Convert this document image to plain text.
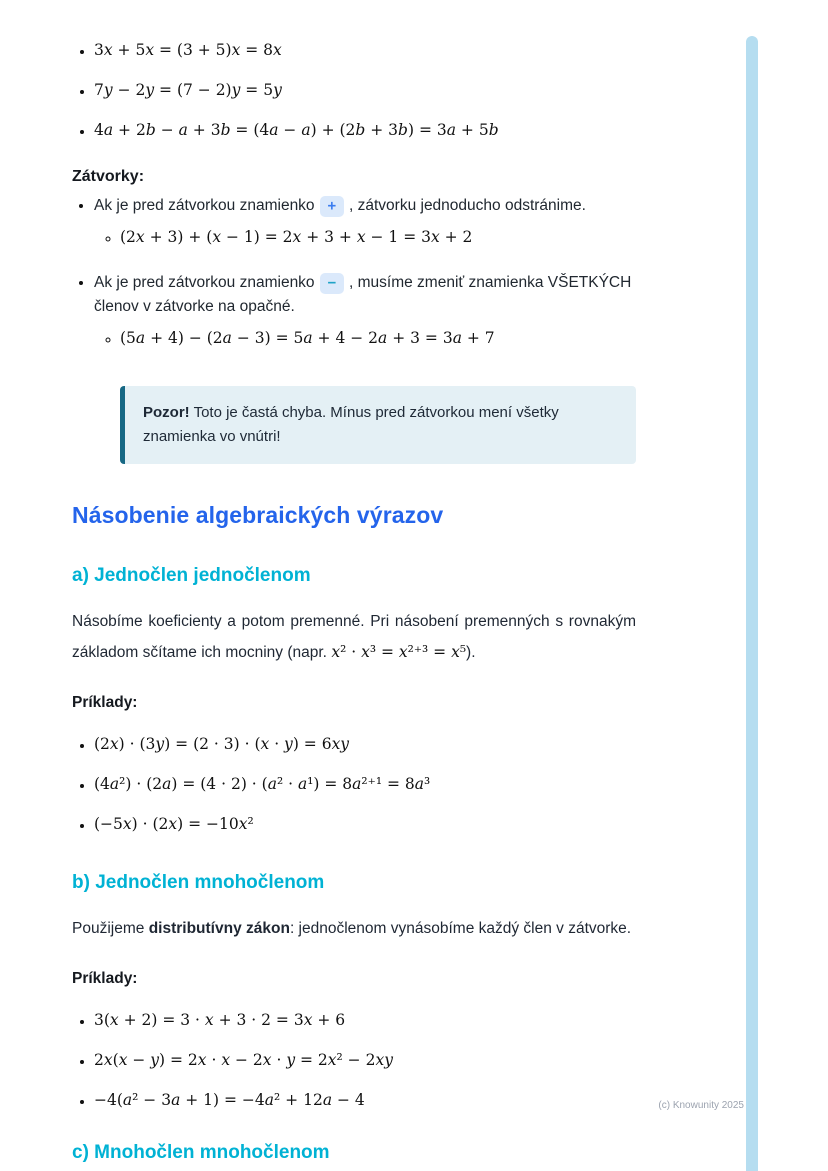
• 3x + 5x = (3 + 5)x = 8x
• 7y − 2y = (7 − 2)y = 5y
• 4a + 2b − a + 3b = (4a − a) + (2b + 3b) = 3a + 5b
Zátvorky:
• Ak je pred zátvorkou znamienko + , zátvorku jednoducho odstránime.
◦ (2x + 3) + (x − 1) = 2x + 3 + x − 1 = 3x + 2
• Ak je pred zátvorkou znamienko − , musíme zmeniť znamienka VŠETKÝCH členov v zátvorke na opačné.
◦ (5a + 4) − (2a − 3) = 5a + 4 − 2a + 3 = 3a + 7
Pozor! Toto je častá chyba. Mínus pred zátvorkou mení všetky znamienka vo vnútri!
Násobenie algebraických výrazov
a) Jednočlen jednočlenom

Násobíme koeficienty a potom premenné. Pri násobení premenných s rovnakým základom sčítame ich mocniny (napr. x² · x³ = x²⁺³ = x⁵).

Príklady:
• (2x) · (3y) = (2 · 3) · (x · y) = 6xy
• (4a²) · (2a) = (4 · 2) · (a² · a¹) = 8a²⁺¹ = 8a³
• (−5x) · (2x) = −10x²
b) Jednočlen mnohočlenom

Použijeme distributívny zákon: jednočlenom vynásobíme každý člen v zátvorke.

Príklady:
• 3(x + 2) = 3 · x + 3 · 2 = 3x + 6
• 2x(x − y) = 2x · x − 2x · y = 2x² − 2xy
• −4(a² − 3a + 1) = −4a² + 12a − 4
c) Mnohočlen mnohočlenom
(c) Knowunity 2025
